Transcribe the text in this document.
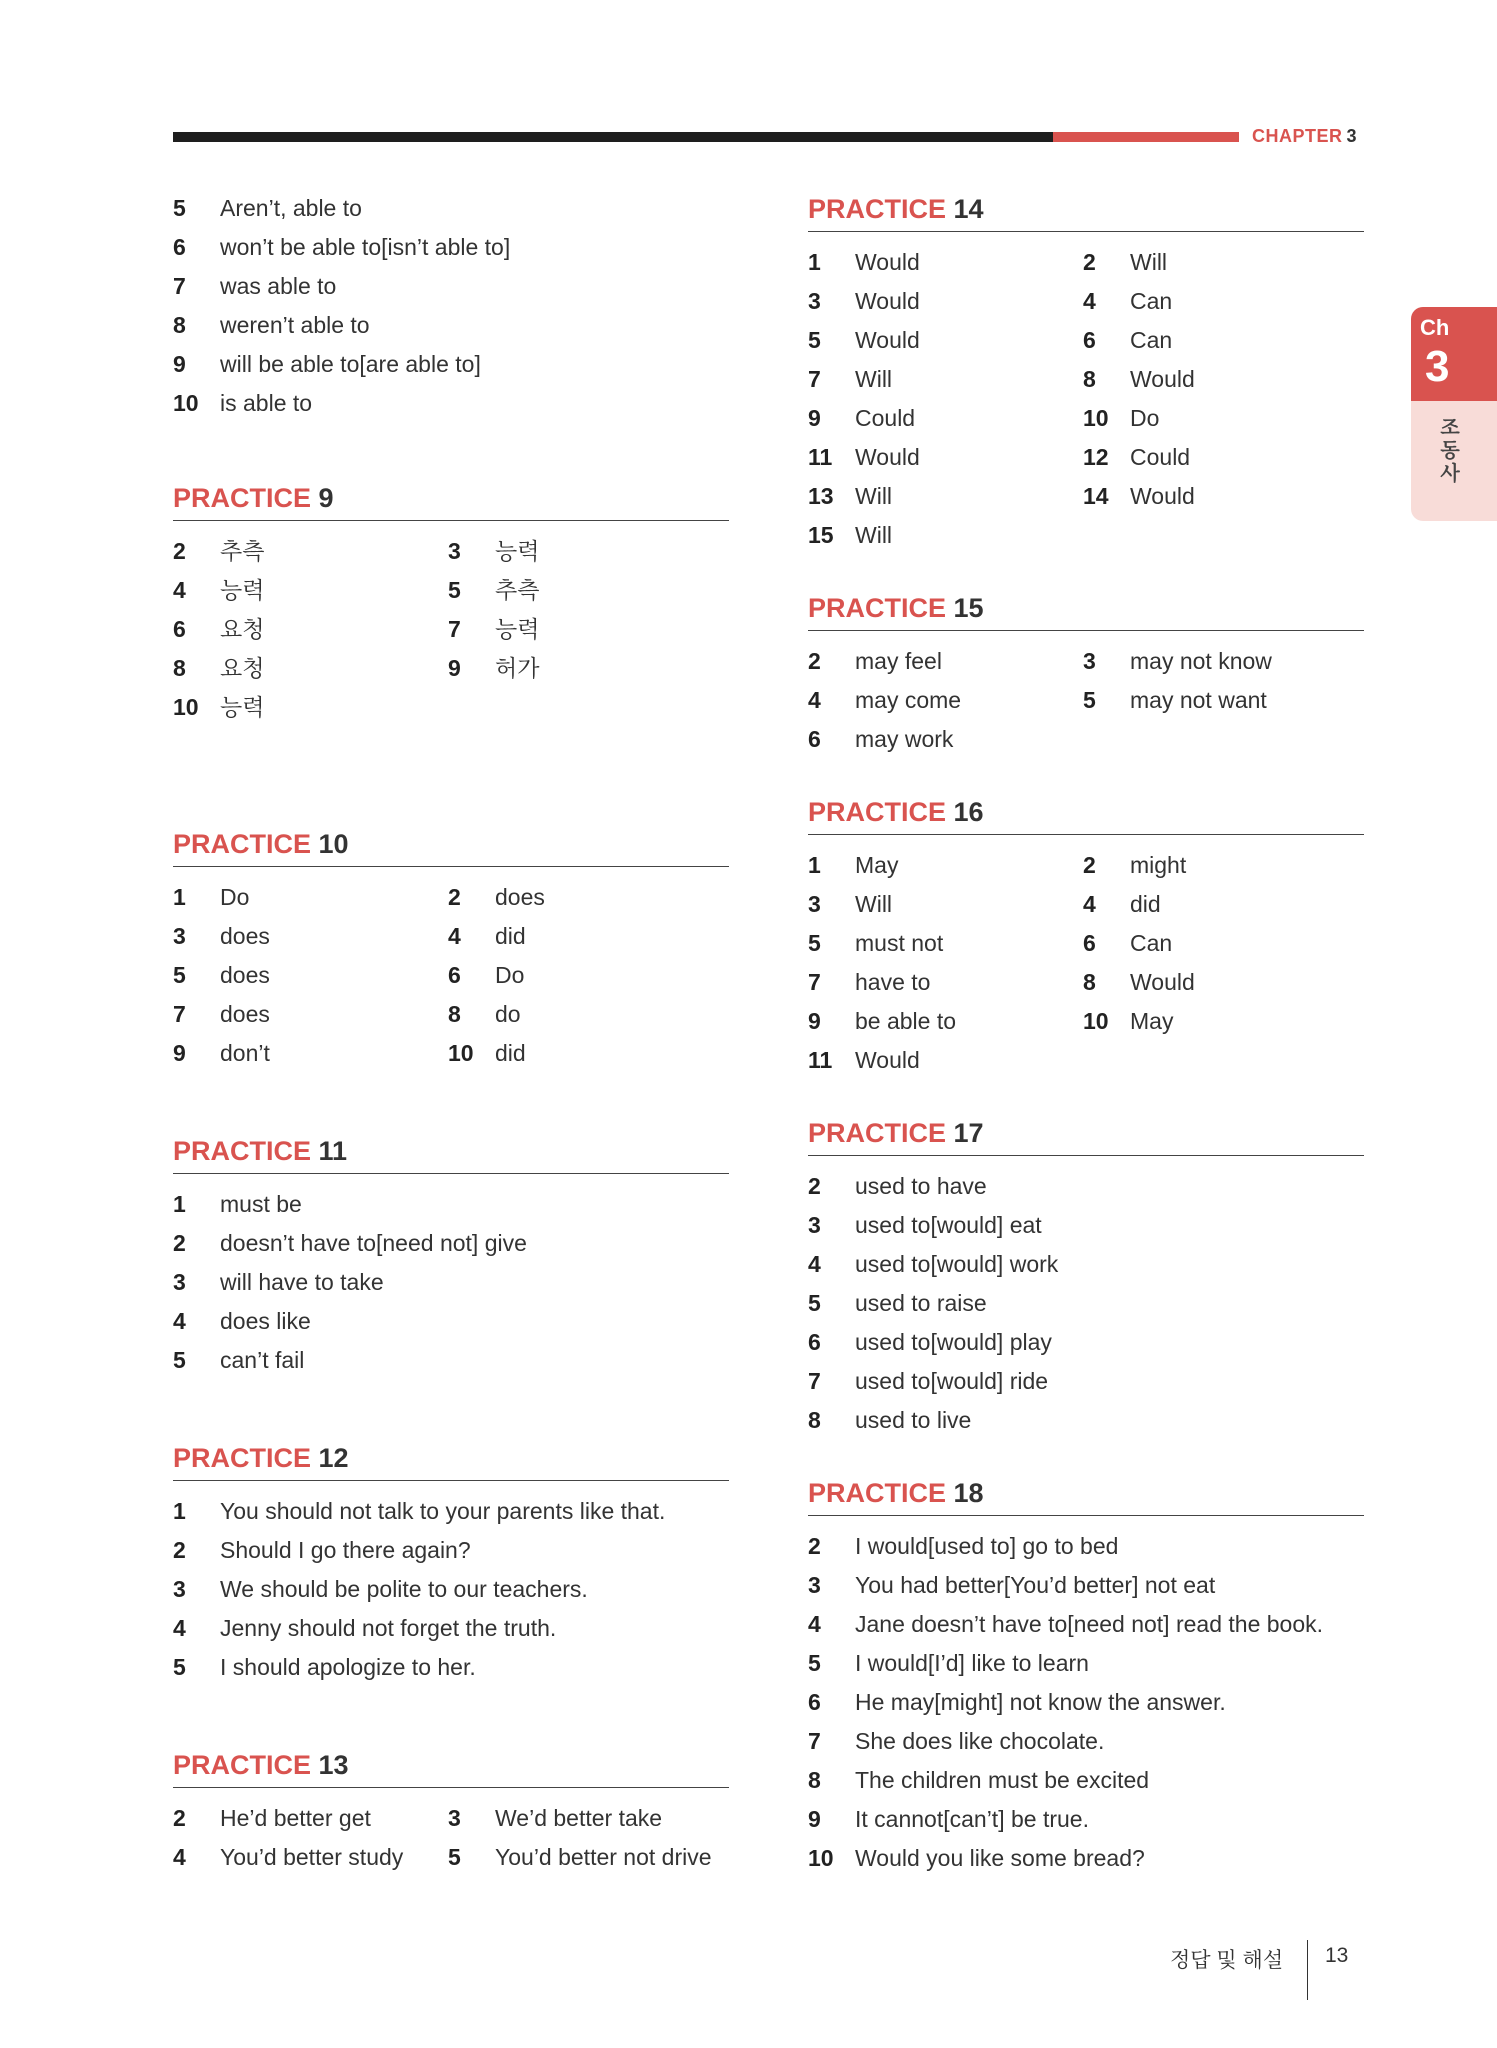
CHAPTER 3
Ch
3
조
동
사
5	Aren’t, able to
6	won’t be able to[isn’t able to]
7	was able to
8	weren’t able to
9	will be able to[are able to]
10 is able to
PRACTICE 9
2	추측	3	능력
4	능력	5	추측
6	요청	7	능력
8	요청	9	허가
10 능력
PRACTICE 10
1	Do	2	does
3	does	4	did
5	does	6	Do
7	does	8	do
9	don’t	10 did
PRACTICE 11
1	must be
2	doesn’t have to[need not] give
3	will have to take
4	does like
5	can’t fail
PRACTICE 12
1	You should not talk to your parents like that.
2	Should I go there again?
3	We should be polite to our teachers.
4	Jenny should not forget the truth.
5	I should apologize to her.
PRACTICE 13
2	He’d better get	3	We’d better take
4	You’d better study 5	You’d better not drive
PRACTICE 14
1	Would	2	Will
3	Would	4	Can
5	Would	6	Can
7	Will	8	Would
9	Could	10 Do
11 Would	12 Could
13 Will	14 Would
15 Will
PRACTICE 15
2	may feel	3	may not know
4	may come	5	may not want
6	may work
PRACTICE 16
1	May	2	might
3	Will	4	did
5	must not	6	Can
7	have to	8	Would
9	be able to	10 May
11 Would
PRACTICE 17
2	used to have
3	used to[would] eat
4	used to[would] work
5	used to raise
6	used to[would] play
7	used to[would] ride
8	used to live
PRACTICE 18
2	I would[used to] go to bed
3	You had better[You’d better] not eat
4	Jane doesn’t have to[need not] read the book.
5	I would[I’d] like to learn
6	He may[might] not know the answer.
7	She does like chocolate.
8	The children must be excited
9	It cannot[can’t] be true.
10 Would you like some bread?
정답 및 해설 13
